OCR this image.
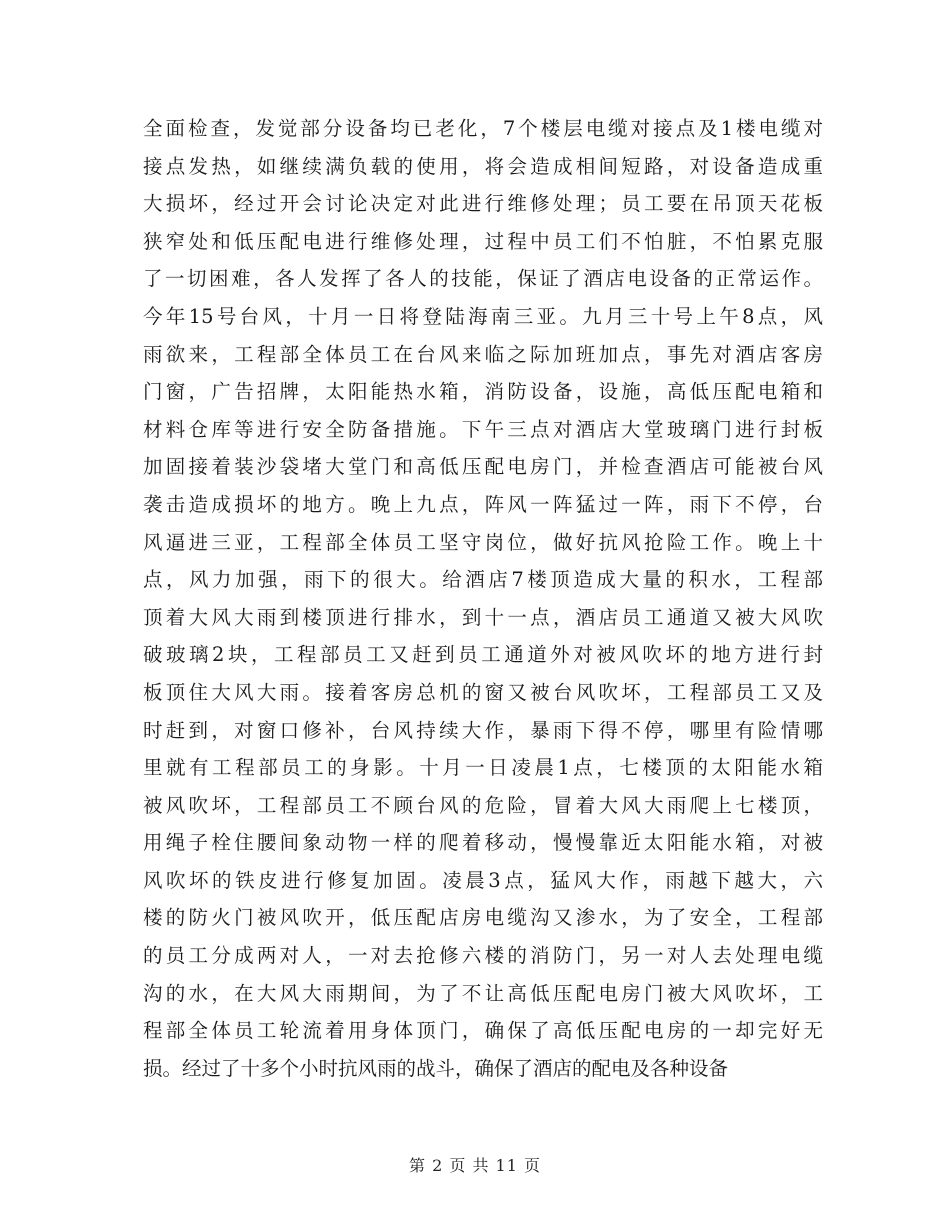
全面检查，发觉部分设备均已老化，7个楼层电缆对接点及1楼电缆对
接点发热，如继续满负载的使用，将会造成相间短路，对设备造成重
大损坏，经过开会讨论决定对此进行维修处理；员工要在吊顶天花板
狭窄处和低压配电进行维修处理，过程中员工们不怕脏，不怕累克服
了一切困难，各人发挥了各人的技能，保证了酒店电设备的正常运作。
今年15号台风，十月一日将登陆海南三亚。九月三十号上午8点，风
雨欲来，工程部全体员工在台风来临之际加班加点，事先对酒店客房
门窗，广告招牌，太阳能热水箱，消防设备，设施，高低压配电箱和
材料仓库等进行安全防备措施。下午三点对酒店大堂玻璃门进行封板
加固接着装沙袋堵大堂门和高低压配电房门，并检查酒店可能被台风
袭击造成损坏的地方。晚上九点，阵风一阵猛过一阵，雨下不停，台
风逼进三亚，工程部全体员工坚守岗位，做好抗风抢险工作。晚上十
点，风力加强，雨下的很大。给酒店7楼顶造成大量的积水，工程部
顶着大风大雨到楼顶进行排水，到十一点，酒店员工通道又被大风吹
破玻璃2块，工程部员工又赶到员工通道外对被风吹坏的地方进行封
板顶住大风大雨。接着客房总机的窗又被台风吹坏，工程部员工又及
时赶到，对窗口修补，台风持续大作，暴雨下得不停，哪里有险情哪
里就有工程部员工的身影。十月一日凌晨1点，七楼顶的太阳能水箱
被风吹坏，工程部员工不顾台风的危险，冒着大风大雨爬上七楼顶，
用绳子栓住腰间象动物一样的爬着移动，慢慢靠近太阳能水箱，对被
风吹坏的铁皮进行修复加固。凌晨3点，猛风大作，雨越下越大，六
楼的防火门被风吹开，低压配店房电缆沟又渗水，为了安全，工程部
的员工分成两对人，一对去抢修六楼的消防门，另一对人去处理电缆
沟的水，在大风大雨期间，为了不让高低压配电房门被大风吹坏，工
程部全体员工轮流着用身体顶门，确保了高低压配电房的一却完好无
损。经过了十多个小时抗风雨的战斗，确保了酒店的配电及各种设备
第 2 页 共 11 页
